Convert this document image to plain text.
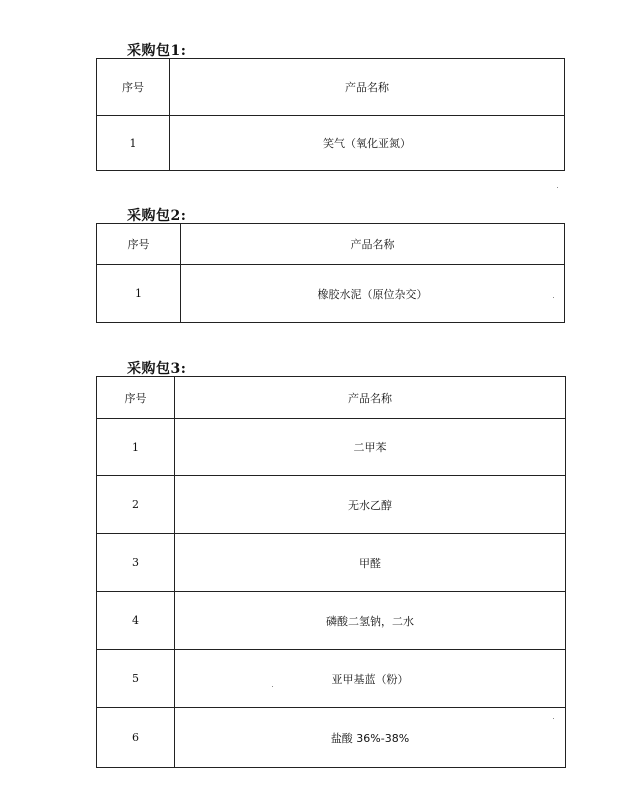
采购包1:
序号	产品名称
1	笑气（氧化亚氮）
采购包2:
序号	产品名称
1	橡胶水泥（原位杂交）
采购包3:
序号	产品名称
1	二甲苯
2	无水乙醇
3	甲醛
4	磷酸二氢钠，二水
5	亚甲基蓝（粉）
6	盐酸 36%-38%
